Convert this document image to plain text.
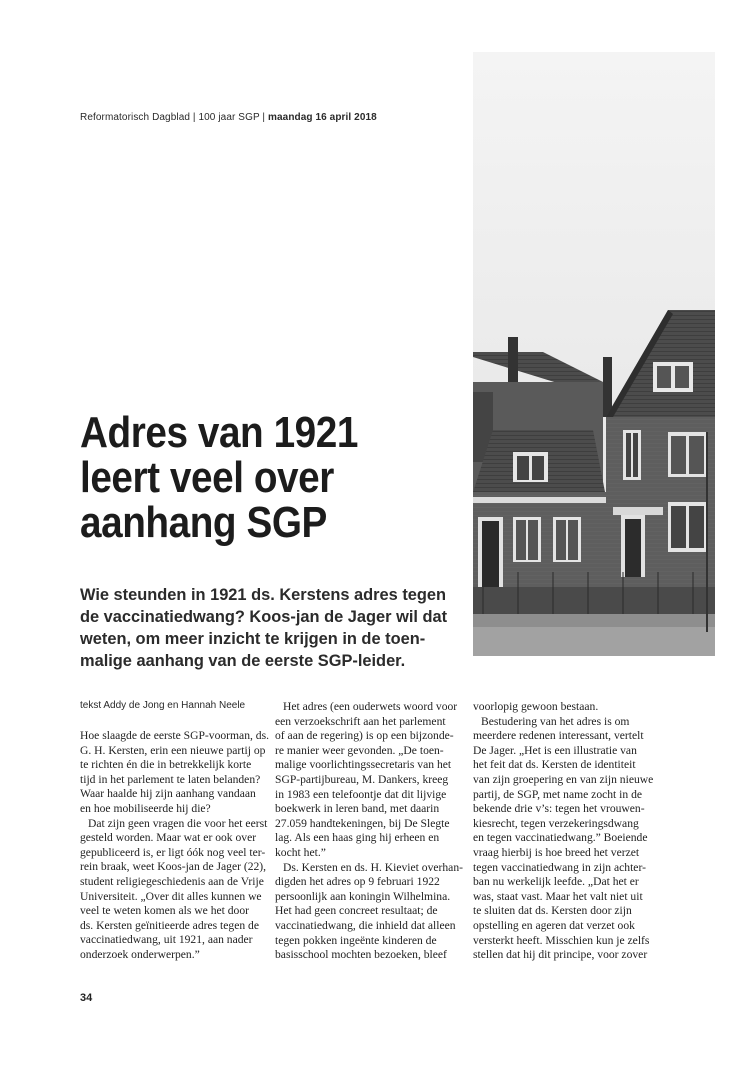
Reformatorisch Dagblad | 100 jaar SGP | maandag 16 april 2018
Adres van 1921
leert veel over
aanhang SGP

Wie steunden in 1921 ds. Kerstens adres tegen
de vaccinatiedwang? Koos-jan de Jager wil dat
weten, om meer inzicht te krijgen in de toen-
malige aanhang van de eerste SGP-leider.

tekst Addy de Jong en Hannah Neele
Hoe slaagde de eerste SGP-voorman, ds.
G. H. Kersten, erin een nieuwe partij op
te richten én die in betrekkelijk korte
tijd in het parlement te laten belanden?
Waar haalde hij zijn aanhang vandaan
en hoe mobiliseerde hij die?
Dat zijn geen vragen die voor het eerst
gesteld worden. Maar wat er ook over
gepubliceerd is, er ligt óók nog veel ter-
rein braak, weet Koos-jan de Jager (22),
student religiegeschiedenis aan de Vrije
Universiteit. „Over dit alles kunnen we
veel te weten komen als we het door
ds. Kersten geïnitieerde adres tegen de
vaccinatiedwang, uit 1921, aan nader
onderzoek onderwerpen.”
Het adres (een ouderwets woord voor
een verzoekschrift aan het parlement
of aan de regering) is op een bijzonde-
re manier weer gevonden. „De toen-
malige voorlichtingssecretaris van het
SGP-partijbureau, M. Dankers, kreeg
in 1983 een telefoontje dat dit lijvige
boekwerk in leren band, met daarin
27.059 handtekeningen, bij De Slegte
lag. Als een haas ging hij erheen en
kocht het.”
Ds. Kersten en ds. H. Kieviet overhan-
digden het adres op 9 februari 1922
persoonlijk aan koningin Wilhelmina.
Het had geen concreet resultaat; de
vaccinatiedwang, die inhield dat alleen
tegen pokken ingeënte kinderen de
basisschool mochten bezoeken, bleef
voorlopig gewoon bestaan.
Bestudering van het adres is om
meerdere redenen interessant, vertelt
De Jager. „Het is een illustratie van
het feit dat ds. Kersten de identiteit
van zijn groepering en van zijn nieuwe
partij, de SGP, met name zocht in de
bekende drie v’s: tegen het vrouwen-
kiesrecht, tegen verzekeringsdwang
en tegen vaccinatiedwang.” Boeiende
vraag hierbij is hoe breed het verzet
tegen vaccinatiedwang in zijn achter-
ban nu werkelijk leefde. „Dat het er
was, staat vast. Maar het valt niet uit
te sluiten dat ds. Kersten door zijn
opstelling en ageren dat verzet ook
versterkt heeft. Misschien kun je zelfs
stellen dat hij dit principe, voor zover
34
